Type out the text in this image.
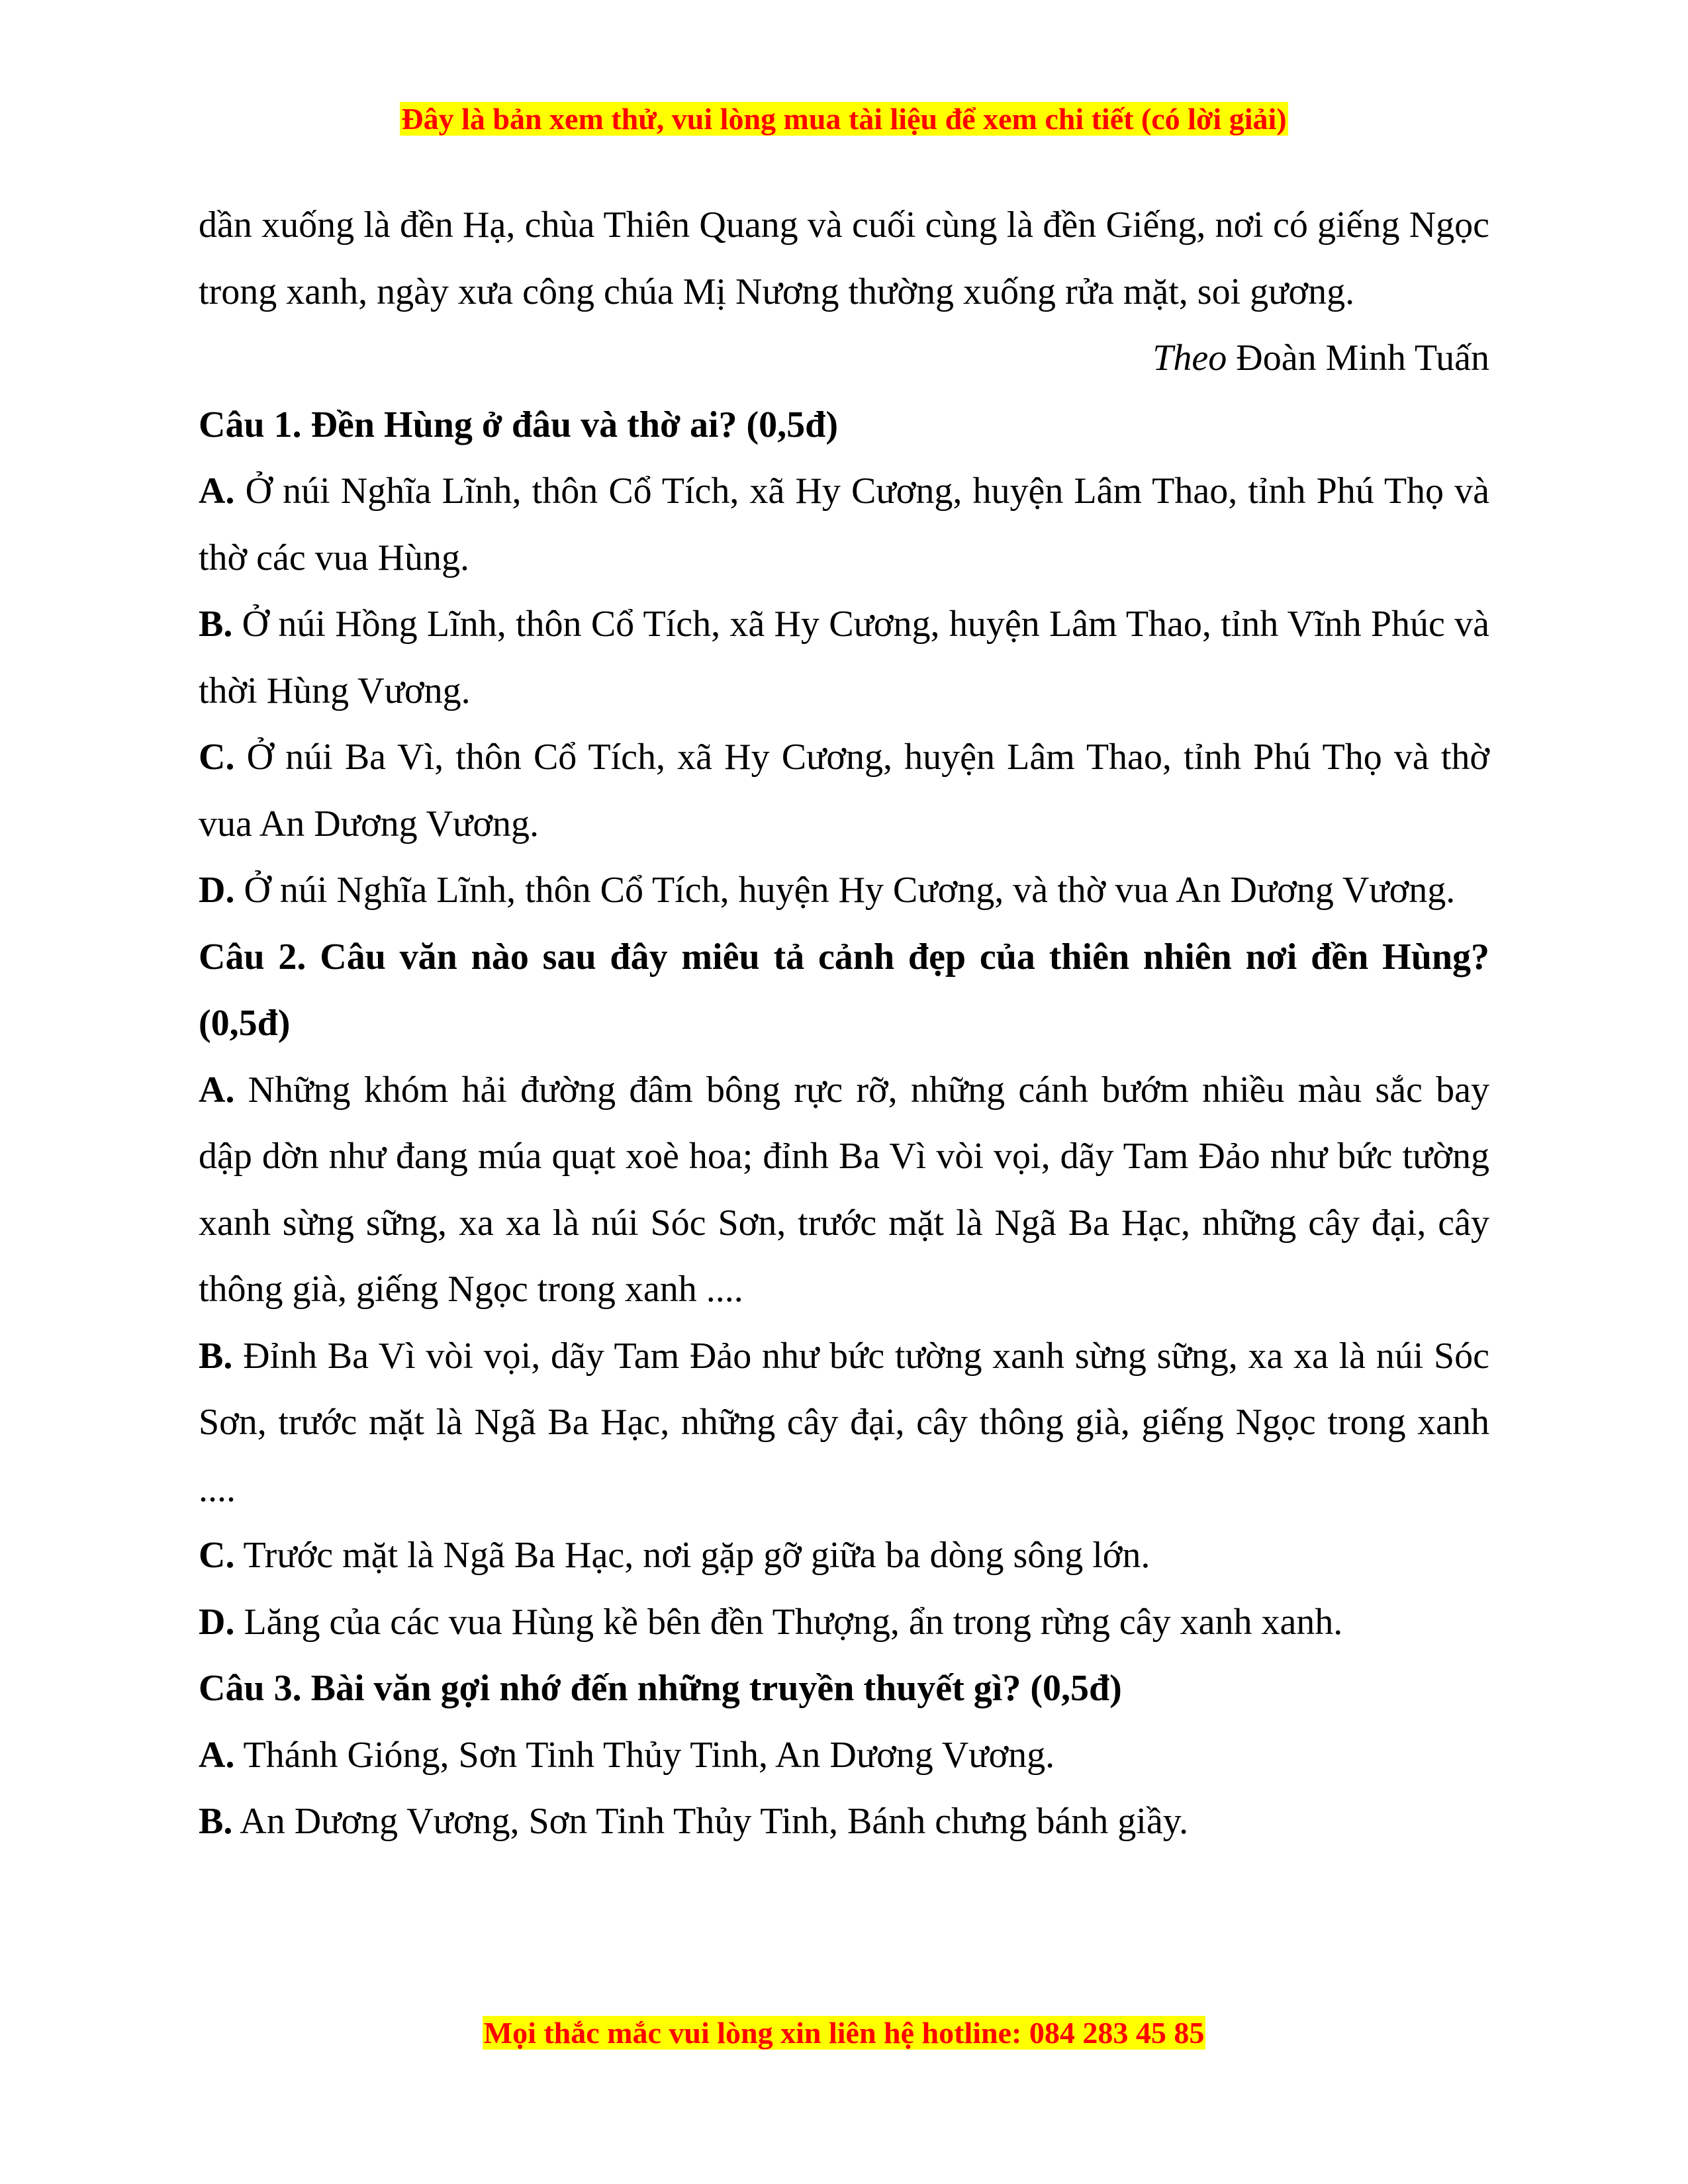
Đây là bản xem thử, vui lòng mua tài liệu để xem chi tiết (có lời giải)

dần xuống là đền Hạ, chùa Thiên Quang và cuối cùng là đền Giếng, nơi có giếng Ngọc trong xanh, ngày xưa công chúa Mị Nương thường xuống rửa mặt, soi gương.

Theo Đoàn Minh Tuấn

Câu 1. Đền Hùng ở đâu và thờ ai? (0,5đ)

A. Ở núi Nghĩa Lĩnh, thôn Cổ Tích, xã Hy Cương, huyện Lâm Thao, tỉnh Phú Thọ và thờ các vua Hùng.

B. Ở núi Hồng Lĩnh, thôn Cổ Tích, xã Hy Cương, huyện Lâm Thao, tỉnh Vĩnh Phúc và thời Hùng Vương.

C. Ở núi Ba Vì, thôn Cổ Tích, xã Hy Cương, huyện Lâm Thao, tỉnh Phú Thọ và thờ vua An Dương Vương.

D. Ở núi Nghĩa Lĩnh, thôn Cổ Tích, huyện Hy Cương, và thờ vua An Dương Vương.

Câu 2. Câu văn nào sau đây miêu tả cảnh đẹp của thiên nhiên nơi đền Hùng? (0,5đ)

A. Những khóm hải đường đâm bông rực rỡ, những cánh bướm nhiều màu sắc bay dập dờn như đang múa quạt xoè hoa; đỉnh Ba Vì vòi vọi, dãy Tam Đảo như bức tường xanh sừng sững, xa xa là núi Sóc Sơn, trước mặt là Ngã Ba Hạc, những cây đại, cây thông già, giếng Ngọc trong xanh ....

B. Đỉnh Ba Vì vòi vọi, dãy Tam Đảo như bức tường xanh sừng sững, xa xa là núi Sóc Sơn, trước mặt là Ngã Ba Hạc, những cây đại, cây thông già, giếng Ngọc trong xanh ....

C. Trước mặt là Ngã Ba Hạc, nơi gặp gỡ giữa ba dòng sông lớn.

D. Lăng của các vua Hùng kề bên đền Thượng, ẩn trong rừng cây xanh xanh.

Câu 3. Bài văn gợi nhớ đến những truyền thuyết gì? (0,5đ)

A. Thánh Gióng, Sơn Tinh Thủy Tinh, An Dương Vương.

B. An Dương Vương, Sơn Tinh Thủy Tinh, Bánh chưng bánh giầy.

Mọi thắc mắc vui lòng xin liên hệ hotline: 084 283 45 85
